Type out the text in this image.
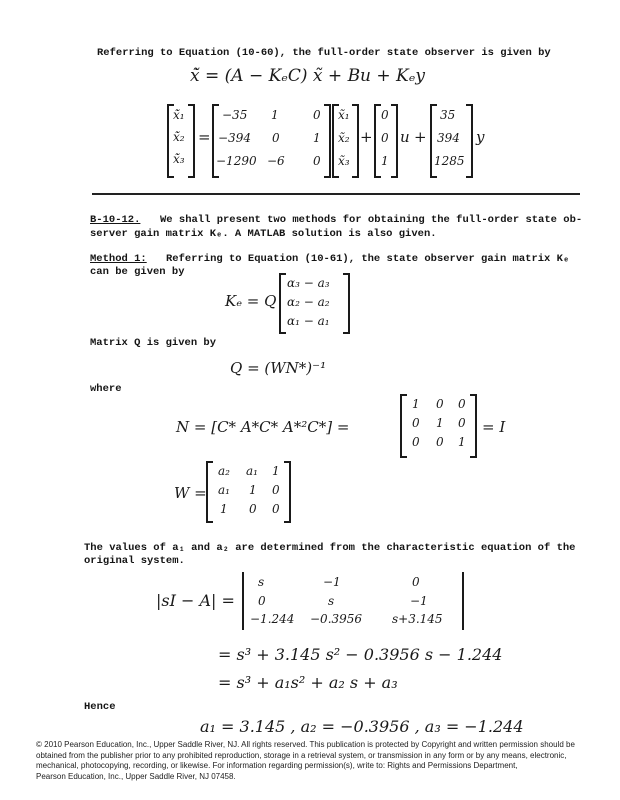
Referring to Equation (10-60), the full-order state observer is given by
x̃̇ = (A − KₑC) x̃ + Bu + Kₑy
x̃̇₁
x̃̇₂
x̃̇₃
=
−35 1	0
−394 0	1
−1290 −6 0
x̃₁
x̃₂
x̃₃
+
0
0
1
u +
35
394
1285
y
B-10-12. We shall present two methods for obtaining the full-order state ob-
server gain matrix Kₑ. A MATLAB solution is also given.
Method 1: Referring to Equation (10-61), the state observer gain matrix Kₑ
can be given by
Kₑ = Q
α₃ − a₃
α₂ − a₂
α₁ − a₁
Matrix Q is given by
Q = (WN*)⁻¹
where
N = [C* A*C* A*²C*] =
1 0 0
0 1 0
0 0 1
= I
W =
a₂ a₁ 1
a₁ 1 0
1 0 0
The values of a₁ and a₂ are determined from the characteristic equation of the
original system.
|sI − A| =
s	−1	0
0	s	−1
−1.244 −0.3956 s+3.145
= s³ + 3.145 s² − 0.3956 s − 1.244
= s³ + a₁s² + a₂ s + a₃
Hence
a₁ = 3.145 , a₂ = −0.3956 , a₃ = −1.244
© 2010 Pearson Education, Inc., Upper Saddle River, NJ. All rights reserved. This publication is protected by Copyright and written permission should be
obtained from the publisher prior to any prohibited reproduction, storage in a retrieval system, or transmission in any form or by any means, electronic,
mechanical, photocopying, recording, or likewise. For information regarding permission(s), write to: Rights and Permissions Department,
Pearson Education, Inc., Upper Saddle River, NJ 07458.
